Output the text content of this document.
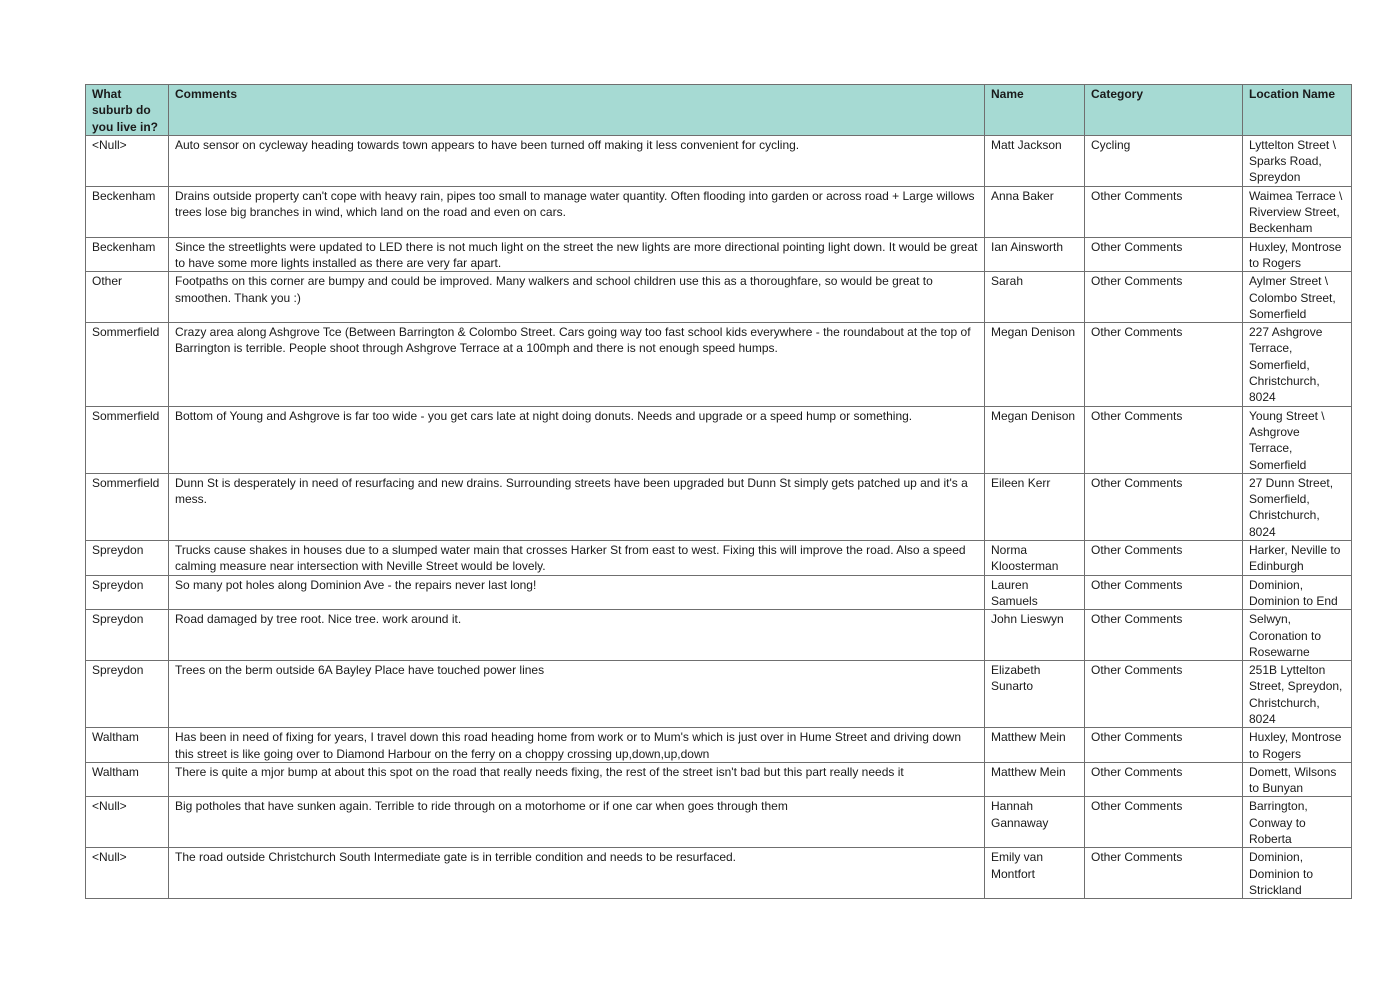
What suburb do you live in?	Comments	Name	Category	Location Name
<Null>	Auto sensor on cycleway heading towards town appears to have been turned off making it less convenient for cycling.	Matt Jackson	Cycling	Lyttelton Street \ Sparks Road, Spreydon
Beckenham	Drains outside property can't cope with heavy rain, pipes too small to manage water quantity. Often flooding into garden or across road + Large willows trees lose big branches in wind, which land on the road and even on cars.	Anna Baker	Other Comments	Waimea Terrace \ Riverview Street, Beckenham
Beckenham	Since the streetlights were updated to LED there is not much light on the street the new lights are more directional pointing light down. It would be great to have some more lights installed as there are very far apart.	Ian Ainsworth	Other Comments	Huxley, Montrose to Rogers
Other	Footpaths on this corner are bumpy and could be improved. Many walkers and school children use this as a thoroughfare, so would be great to smoothen. Thank you :)	Sarah	Other Comments	Aylmer Street \ Colombo Street, Somerfield
Sommerfield	Crazy area along Ashgrove Tce (Between Barrington & Colombo Street. Cars going way too fast school kids everywhere - the roundabout at the top of Barrington is terrible. People shoot through Ashgrove Terrace at a 100mph and there is not enough speed humps.	Megan Denison	Other Comments	227 Ashgrove Terrace, Somerfield, Christchurch, 8024
Sommerfield	Bottom of Young and Ashgrove is far too wide - you get cars late at night doing donuts. Needs and upgrade or a speed hump or something.	Megan Denison	Other Comments	Young Street \ Ashgrove Terrace, Somerfield
Sommerfield	Dunn St is desperately in need of resurfacing and new drains. Surrounding streets have been upgraded but Dunn St simply gets patched up and it's a mess.	Eileen Kerr	Other Comments	27 Dunn Street, Somerfield, Christchurch, 8024
Spreydon	Trucks cause shakes in houses due to a slumped water main that crosses Harker St from east to west. Fixing this will improve the road. Also a speed calming measure near intersection with Neville Street would be lovely.	Norma Kloosterman	Other Comments	Harker, Neville to Edinburgh
Spreydon	So many pot holes along Dominion Ave - the repairs never last long!	Lauren Samuels	Other Comments	Dominion, Dominion to End
Spreydon	Road damaged by tree root. Nice tree. work around it.	John Lieswyn	Other Comments	Selwyn, Coronation to Rosewarne
Spreydon	Trees on the berm outside 6A Bayley Place have touched power lines	Elizabeth Sunarto	Other Comments	251B Lyttelton Street, Spreydon, Christchurch, 8024
Waltham	Has been in need of fixing for years, I travel down this road heading home from work or to Mum's which is just over in Hume Street and driving down this street is like going over to Diamond Harbour on the ferry on a choppy crossing up,down,up,down	Matthew Mein	Other Comments	Huxley, Montrose to Rogers
Waltham	There is quite a mjor bump at about this spot on the road that really needs fixing, the rest of the street isn't bad but this part really needs it	Matthew Mein	Other Comments	Domett, Wilsons to Bunyan
<Null>	Big potholes that have sunken again. Terrible to ride through on a motorhome or if one car when goes through them	Hannah Gannaway	Other Comments	Barrington, Conway to Roberta
<Null>	The road outside Christchurch South Intermediate gate is in terrible condition and needs to be resurfaced.	Emily van Montfort	Other Comments	Dominion, Dominion to Strickland
